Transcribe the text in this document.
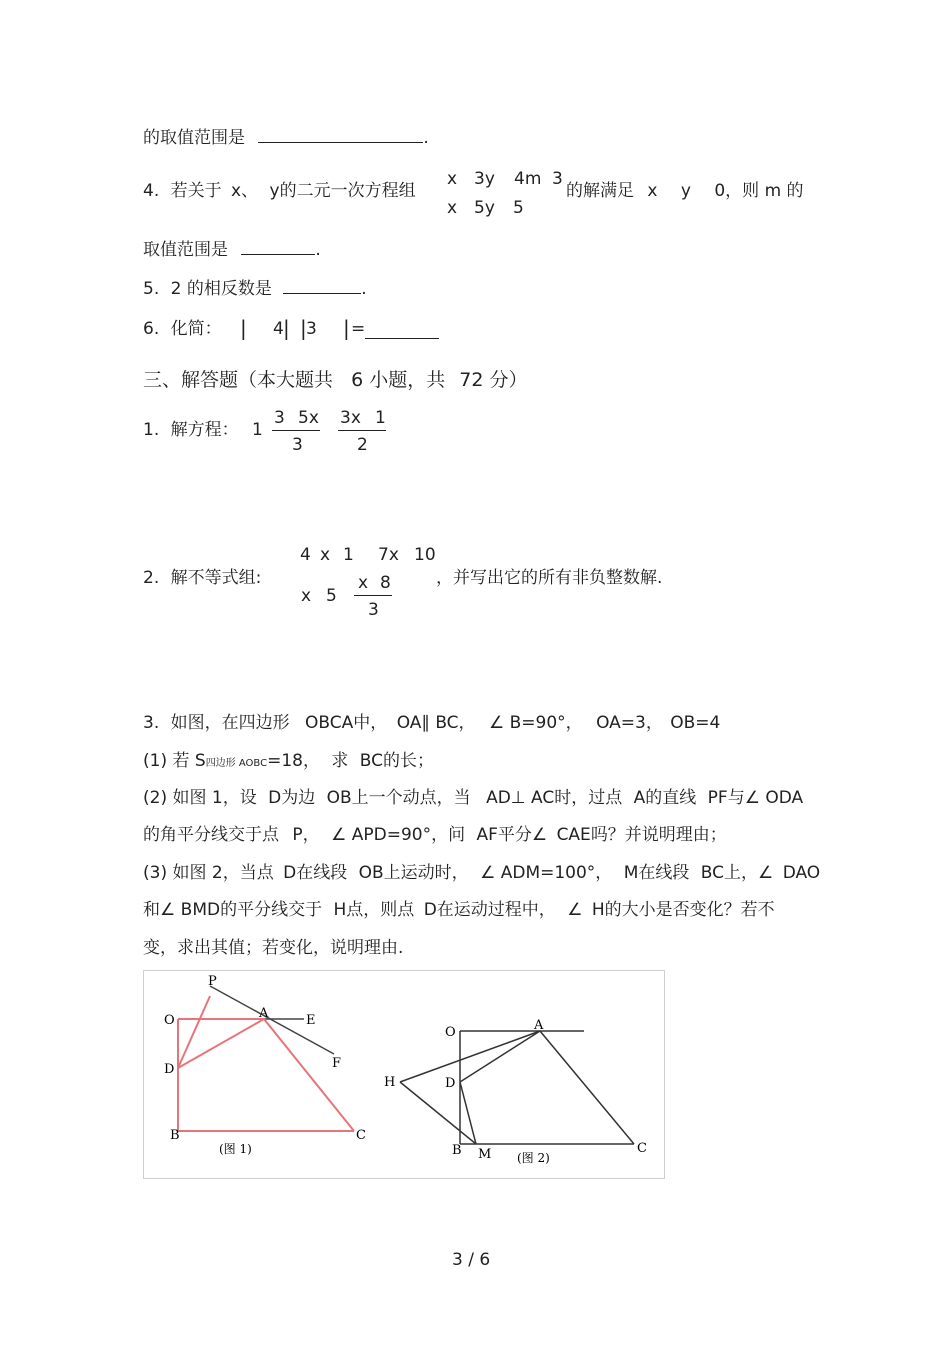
的取值范围是	.
4. 若关于 x、 y的二元一次方程组
x 3y 4m 3
x 5y 5
的解满足 x y 0，则 m 的
取值范围是	.
5. 2 的相反数是	.
6. 化简： | 4 | | 3 | =
三、解答题（本大题共 6 小题，共 72 分）
1. 解方程： 1
3 5x
3
3x 1
2
2. 解不等式组:
4 x 1 7x 10
x 5
x 8
3
，并写出它的所有非负整数解.
3. 如图，在四边形 OBCA中， OA∥ BC， ∠ B=90°， OA=3， OB=4
(1) 若 S四边形 AOBC=18， 求 BC的长；
(2) 如图 1，设 D为边 OB上一个动点，当 AD⊥ AC时，过点 A的直线 PF与∠ ODA
的角平分线交于点 P， ∠ APD=90°，问 AF平分∠ CAE吗？并说明理由；
(3) 如图 2，当点 D在线段 OB上运动时， ∠ ADM=100°， M在线段 BC上，∠ DAO
和∠ BMD的平分线交于 H点，则点 D在运动过程中， ∠ H的大小是否变化？若不
变，求出其值；若变化，说明理由.
P
O	A	E
F
D
B	C
(图 1)
O	A
H	D
B M	C
(图 2)
3 / 6
